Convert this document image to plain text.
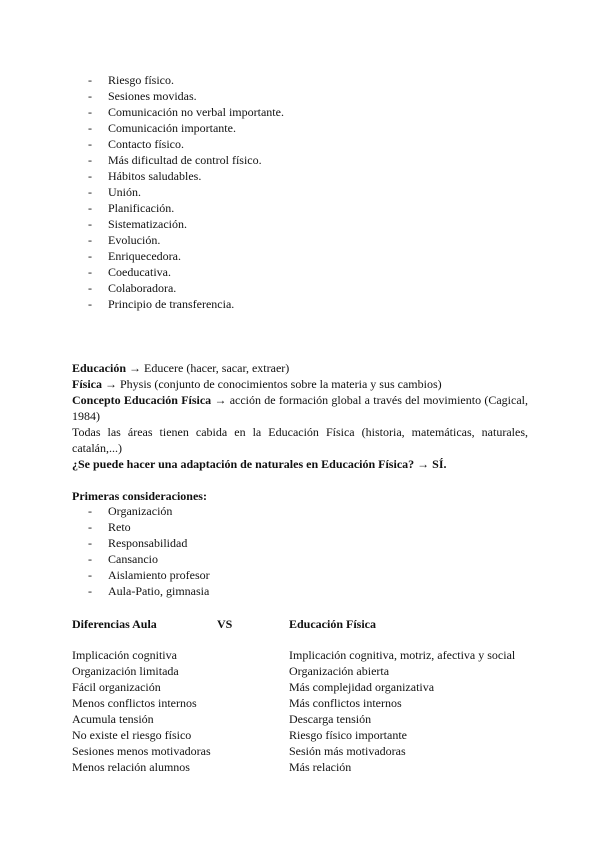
- Riesgo físico.
- Sesiones movidas.
- Comunicación no verbal importante.
- Comunicación importante.
- Contacto físico.
- Más dificultad de control físico.
- Hábitos saludables.
- Unión.
- Planificación.
- Sistematización.
- Evolución.
- Enriquecedora.
- Coeducativa.
- Colaboradora.
- Principio de transferencia.
Educación → Educere (hacer, sacar, extraer)
Física → Physis (conjunto de conocimientos sobre la materia y sus cambios)
Concepto Educación Física → acción de formación global a través del movimiento (Cagical, 1984)
Todas las áreas tienen cabida en la Educación Física (historia, matemáticas, naturales, catalán,...)
¿Se puede hacer una adaptación de naturales en Educación Física? → SÍ.
Primeras consideraciones:
- Organización
- Reto
- Responsabilidad
- Cansancio
- Aislamiento profesor
- Aula-Patio, gimnasia
Diferencias Aula	VS	Educación Física
Implicación cognitiva	Implicación cognitiva, motriz, afectiva y social
Organización limitada	Organización abierta
Fácil organización	Más complejidad organizativa
Menos conflictos internos	Más conflictos internos
Acumula tensión	Descarga tensión
No existe el riesgo físico	Riesgo físico importante
Sesiones menos motivadoras	Sesión más motivadoras
Menos relación alumnos	Más relación
